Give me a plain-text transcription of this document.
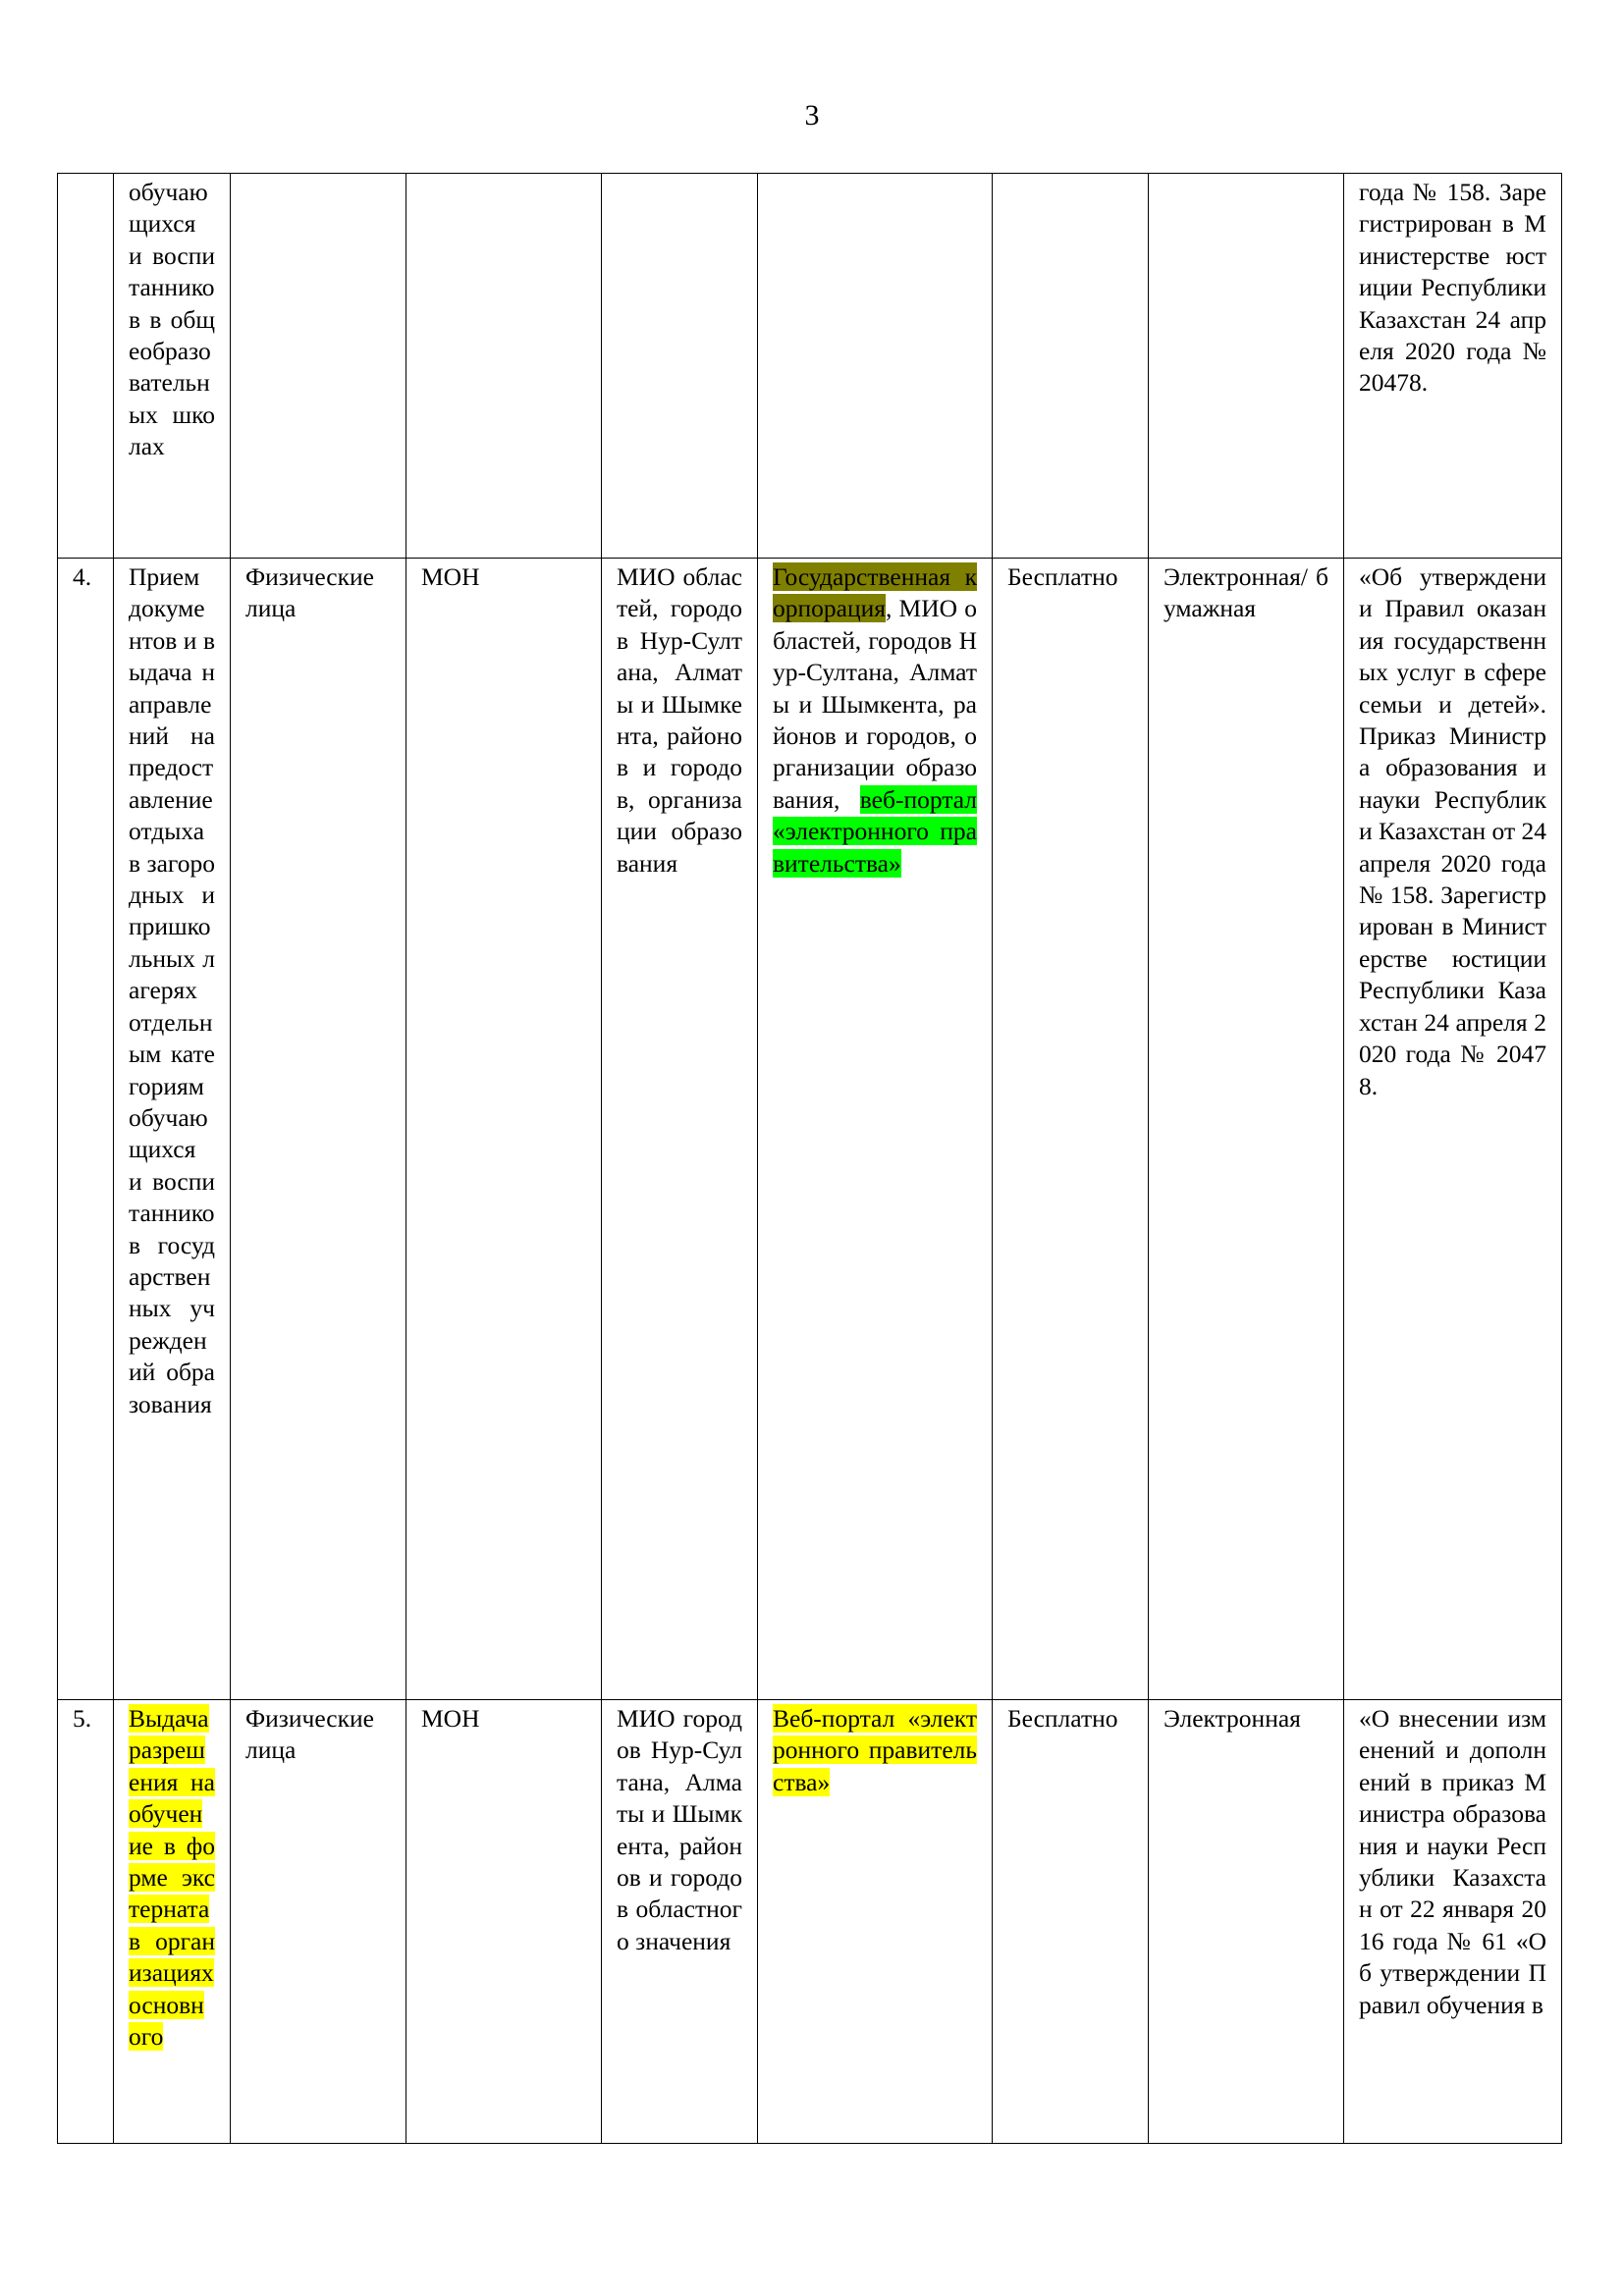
3
	обучающихся и воспитанников в общеобразовательных школах							года № 158. Зарегистрирован в Министерстве юстиции Республики Казахстан 24 апреля 2020 года № 20478.
4.	Прием документов и выдача направлений на предоставление отдыха в загородных и пришкольных лагерях отдельным категориям обучающихся и воспитанников государственных учреждений образования	Физические лица	МОН	МИО областей, городов Нур-Султана, Алматы и Шымкента, районов и городов, организации образования	Государственная корпорация, МИО областей, городов Нур-Султана, Алматы и Шымкента, районов и городов, организации образования, веб-портал «электронного правительства»	Бесплатно	Электронная/ бумажная	«Об утверждении Правил оказания государственных услуг в сфере семьи и детей». Приказ Министра образования и науки Республики Казахстан от 24 апреля 2020 года № 158. Зарегистрирован в Министерстве юстиции Республики Казахстан 24 апреля 2020 года № 20478.
5.	Выдача разрешения на обучение в форме экстерната в организациях основного	Физические лица	МОН	МИО городов Нур-Султана, Алматы и Шымкента, районов и городов областного значения	Веб-портал «электронного правительства»	Бесплатно	Электронная	«О внесении изменений и дополнений в приказ Министра образования и науки Республики Казахстан от 22 января 2016 года № 61 «Об утверждении Правил обучения в
